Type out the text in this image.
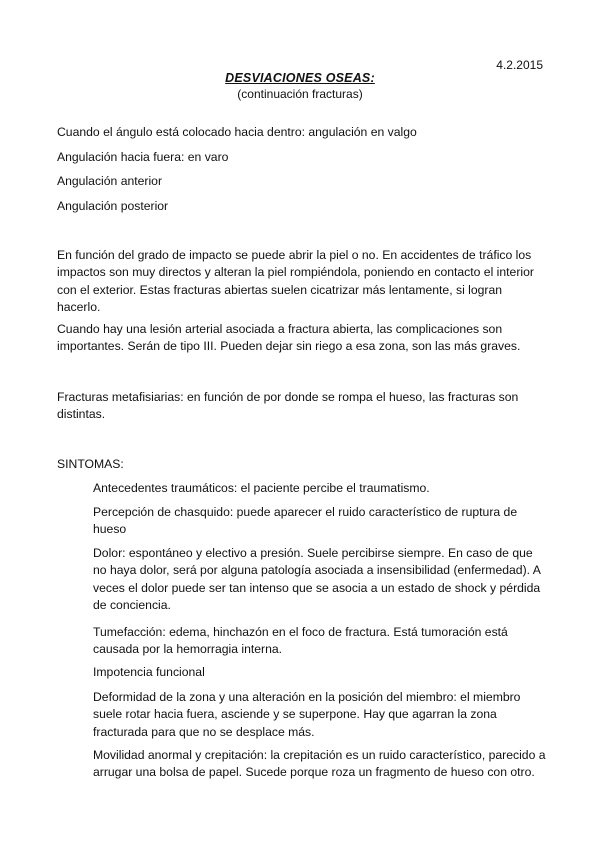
4.2.2015
DESVIACIONES OSEAS:
(continuación fracturas)

Cuando el ángulo está colocado hacia dentro: angulación en valgo

Angulación hacia fuera: en varo

Angulación anterior

Angulación posterior

En función del grado de impacto se puede abrir la piel o no. En accidentes de tráfico los impactos son muy directos y alteran la piel rompiéndola, poniendo en contacto el interior con el exterior. Estas fracturas abiertas suelen cicatrizar más lentamente, si logran hacerlo.

Cuando hay una lesión arterial asociada a fractura abierta, las complicaciones son importantes. Serán de tipo III. Pueden dejar sin riego a esa zona, son las más graves.

Fracturas metafisiarias: en función de por donde se rompa el hueso, las fracturas son distintas.

SINTOMAS:

Antecedentes traumáticos: el paciente percibe el traumatismo.

Percepción de chasquido: puede aparecer el ruido característico de ruptura de hueso

Dolor: espontáneo y electivo a presión. Suele percibirse siempre. En caso de que no haya dolor, será por alguna patología asociada a insensibilidad (enfermedad). A veces el dolor puede ser tan intenso que se asocia a un estado de shock y pérdida de conciencia.

Tumefacción: edema, hinchazón en el foco de fractura. Está tumoración está causada por la hemorragia interna.

Impotencia funcional

Deformidad de la zona y una alteración en la posición del miembro: el miembro suele rotar hacia fuera, asciende y se superpone. Hay que agarran la zona fracturada para que no se desplace más.

Movilidad anormal y crepitación: la crepitación es un ruido característico, parecido a arrugar una bolsa de papel. Sucede porque roza un fragmento de hueso con otro.
